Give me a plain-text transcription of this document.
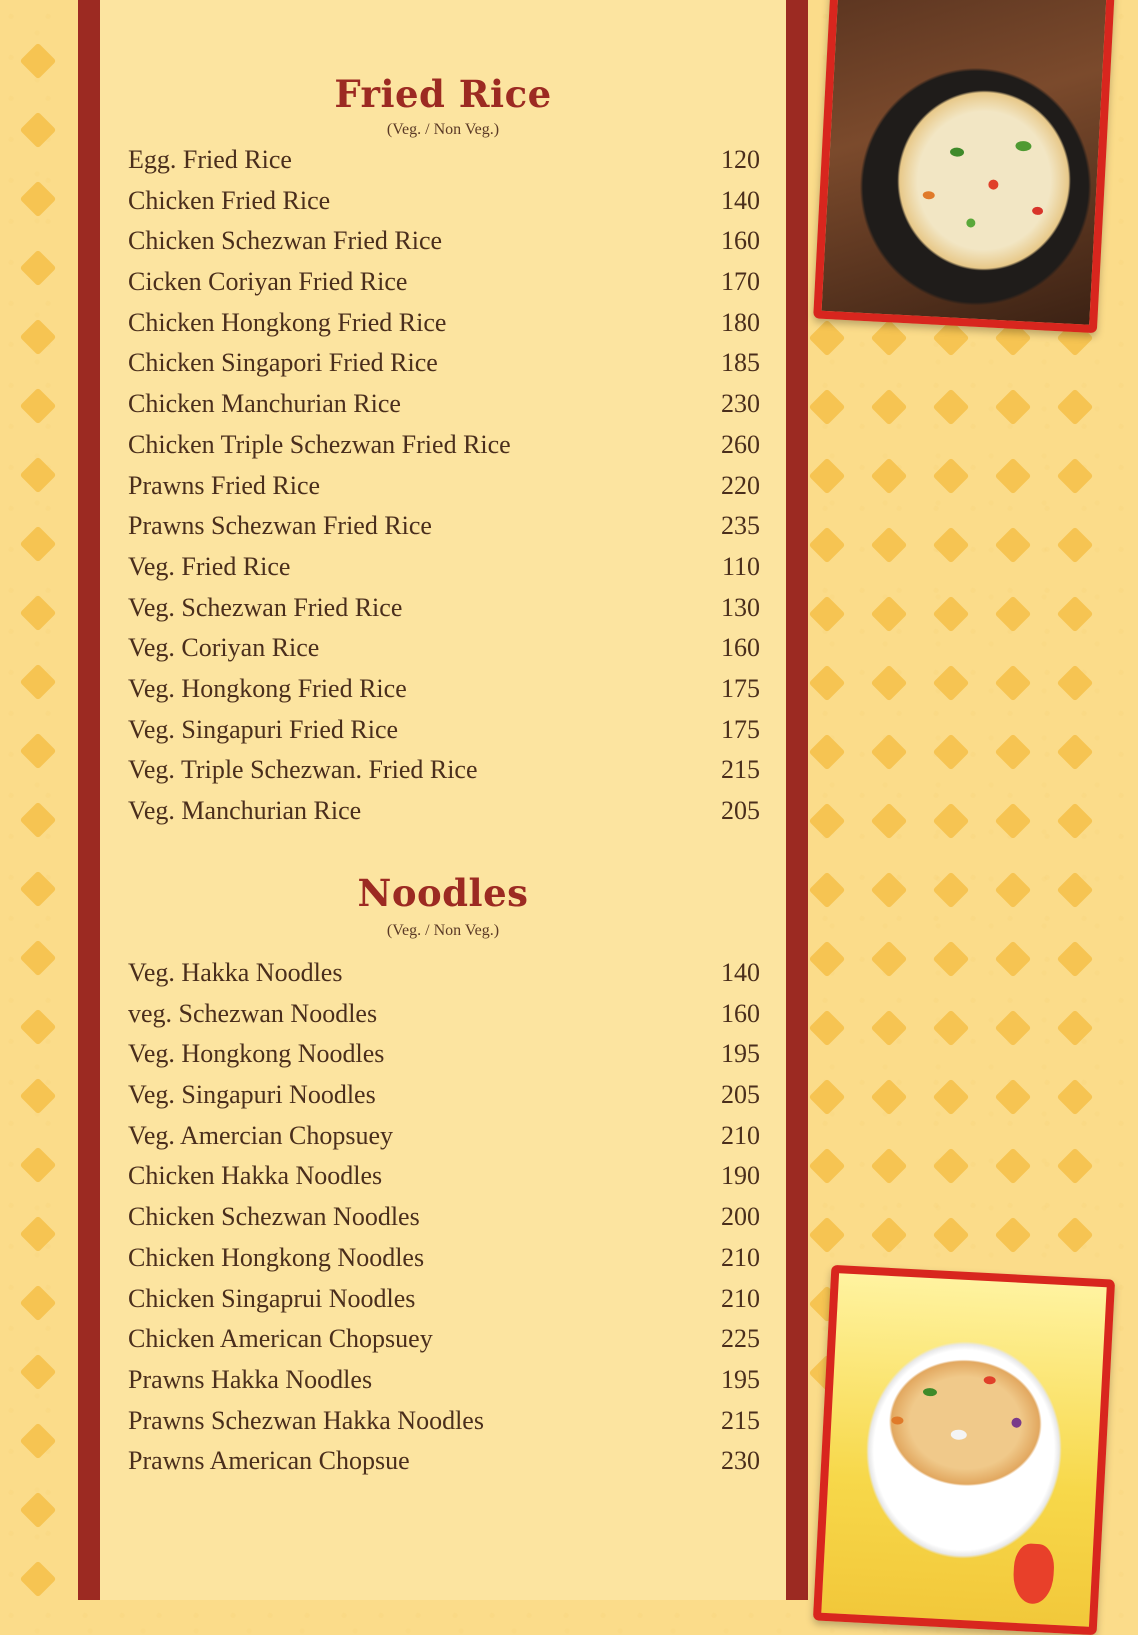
Fried Rice
(Veg. / Non Veg.)
Egg. Fried Rice	120
Chicken Fried Rice	140
Chicken Schezwan Fried Rice	160
Cicken Coriyan Fried Rice	170
Chicken Hongkong Fried Rice	180
Chicken Singapori Fried Rice	185
Chicken Manchurian Rice	230
Chicken Triple Schezwan Fried Rice	260
Prawns Fried Rice	220
Prawns Schezwan Fried Rice	235
Veg. Fried Rice	110
Veg. Schezwan Fried Rice	130
Veg. Coriyan Rice	160
Veg. Hongkong Fried Rice	175
Veg. Singapuri Fried Rice	175
Veg. Triple Schezwan. Fried Rice	215
Veg. Manchurian Rice	205
Noodles
(Veg. / Non Veg.)
Veg. Hakka Noodles	140
veg. Schezwan Noodles	160
Veg. Hongkong Noodles	195
Veg. Singapuri Noodles	205
Veg. Amercian Chopsuey	210
Chicken Hakka Noodles	190
Chicken Schezwan Noodles	200
Chicken Hongkong Noodles	210
Chicken Singaprui Noodles	210
Chicken American Chopsuey	225
Prawns Hakka Noodles	195
Prawns Schezwan Hakka Noodles	215
Prawns American Chopsue	230
